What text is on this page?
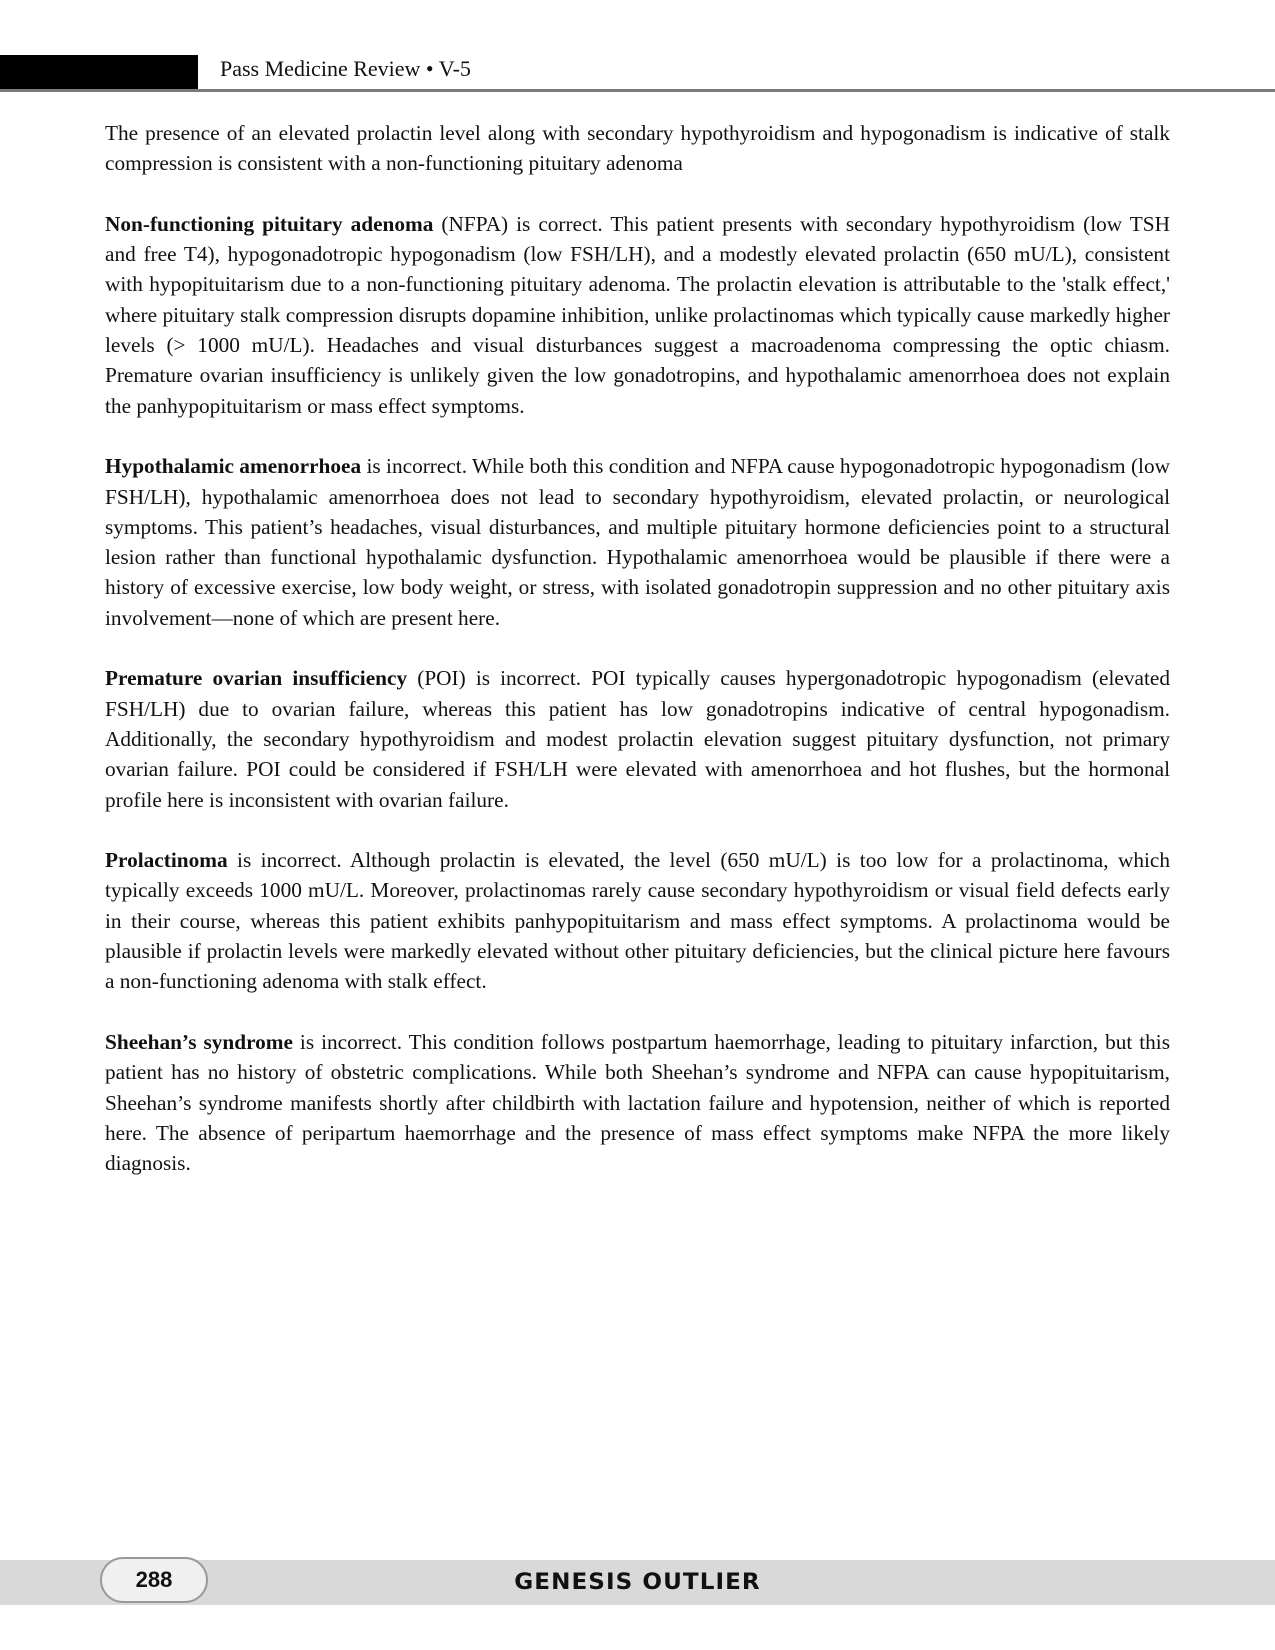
Pass Medicine Review • V-5

The presence of an elevated prolactin level along with secondary hypothyroidism and hypogonadism is indicative of stalk compression is consistent with a non-functioning pituitary adenoma

Non-functioning pituitary adenoma (NFPA) is correct. This patient presents with secondary hypothyroidism (low TSH and free T4), hypogonadotropic hypogonadism (low FSH/LH), and a modestly elevated prolactin (650 mU/L), consistent with hypopituitarism due to a non-functioning pituitary adenoma. The prolactin elevation is attributable to the 'stalk effect,' where pituitary stalk compression disrupts dopamine inhibition, unlike prolactinomas which typically cause markedly higher levels (> 1000 mU/L). Headaches and visual disturbances suggest a macroadenoma compressing the optic chiasm. Premature ovarian insufficiency is unlikely given the low gonadotropins, and hypothalamic amenorrhoea does not explain the panhypopituitarism or mass effect symptoms.

Hypothalamic amenorrhoea is incorrect. While both this condition and NFPA cause hypogonadotropic hypogonadism (low FSH/LH), hypothalamic amenorrhoea does not lead to secondary hypothyroidism, elevated prolactin, or neurological symptoms. This patient’s headaches, visual disturbances, and multiple pituitary hormone deficiencies point to a structural lesion rather than functional hypothalamic dysfunction. Hypothalamic amenorrhoea would be plausible if there were a history of excessive exercise, low body weight, or stress, with isolated gonadotropin suppression and no other pituitary axis involvement—none of which are present here.

Premature ovarian insufficiency (POI) is incorrect. POI typically causes hypergonadotropic hypogonadism (elevated FSH/LH) due to ovarian failure, whereas this patient has low gonadotropins indicative of central hypogonadism. Additionally, the secondary hypothyroidism and modest prolactin elevation suggest pituitary dysfunction, not primary ovarian failure. POI could be considered if FSH/LH were elevated with amenorrhoea and hot flushes, but the hormonal profile here is inconsistent with ovarian failure.

Prolactinoma is incorrect. Although prolactin is elevated, the level (650 mU/L) is too low for a prolactinoma, which typically exceeds 1000 mU/L. Moreover, prolactinomas rarely cause secondary hypothyroidism or visual field defects early in their course, whereas this patient exhibits panhypopituitarism and mass effect symptoms. A prolactinoma would be plausible if prolactin levels were markedly elevated without other pituitary deficiencies, but the clinical picture here favours a non-functioning adenoma with stalk effect.

Sheehan’s syndrome is incorrect. This condition follows postpartum haemorrhage, leading to pituitary infarction, but this patient has no history of obstetric complications. While both Sheehan’s syndrome and NFPA can cause hypopituitarism, Sheehan’s syndrome manifests shortly after childbirth with lactation failure and hypotension, neither of which is reported here. The absence of peripartum haemorrhage and the presence of mass effect symptoms make NFPA the more likely diagnosis.

288	GENESIS OUTLIER
